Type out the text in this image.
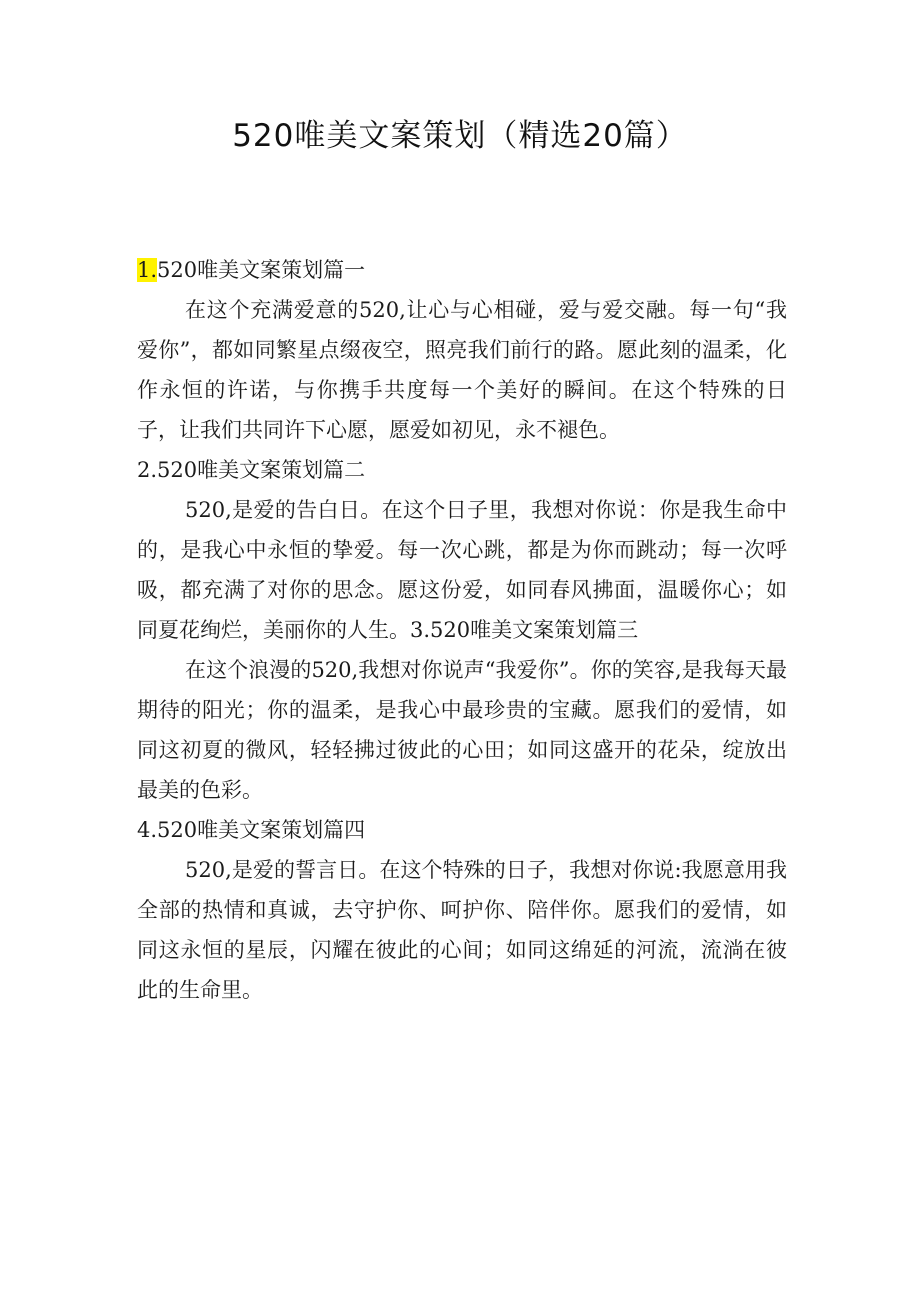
520唯美文案策划（精选20篇）

1.520唯美文案策划篇一

在这个充满爱意的520,让心与心相碰，爱与爱交融。每一句“我爱你”，都如同繁星点缀夜空，照亮我们前行的路。愿此刻的温柔，化作永恒的许诺，与你携手共度每一个美好的瞬间。在这个特殊的日子，让我们共同许下心愿，愿爱如初见，永不褪色。

2.520唯美文案策划篇二

520,是爱的告白日。在这个日子里，我想对你说：你是我生命中的，是我心中永恒的挚爱。每一次心跳，都是为你而跳动；每一次呼吸，都充满了对你的思念。愿这份爱，如同春风拂面，温暖你心；如同夏花绚烂，美丽你的人生。3.520唯美文案策划篇三

在这个浪漫的520,我想对你说声“我爱你”。你的笑容,是我每天最期待的阳光；你的温柔，是我心中最珍贵的宝藏。愿我们的爱情，如同这初夏的微风，轻轻拂过彼此的心田；如同这盛开的花朵，绽放出最美的色彩。

4.520唯美文案策划篇四

520,是爱的誓言日。在这个特殊的日子，我想对你说:我愿意用我全部的热情和真诚，去守护你、呵护你、陪伴你。愿我们的爱情，如同这永恒的星辰，闪耀在彼此的心间；如同这绵延的河流，流淌在彼此的生命里。
